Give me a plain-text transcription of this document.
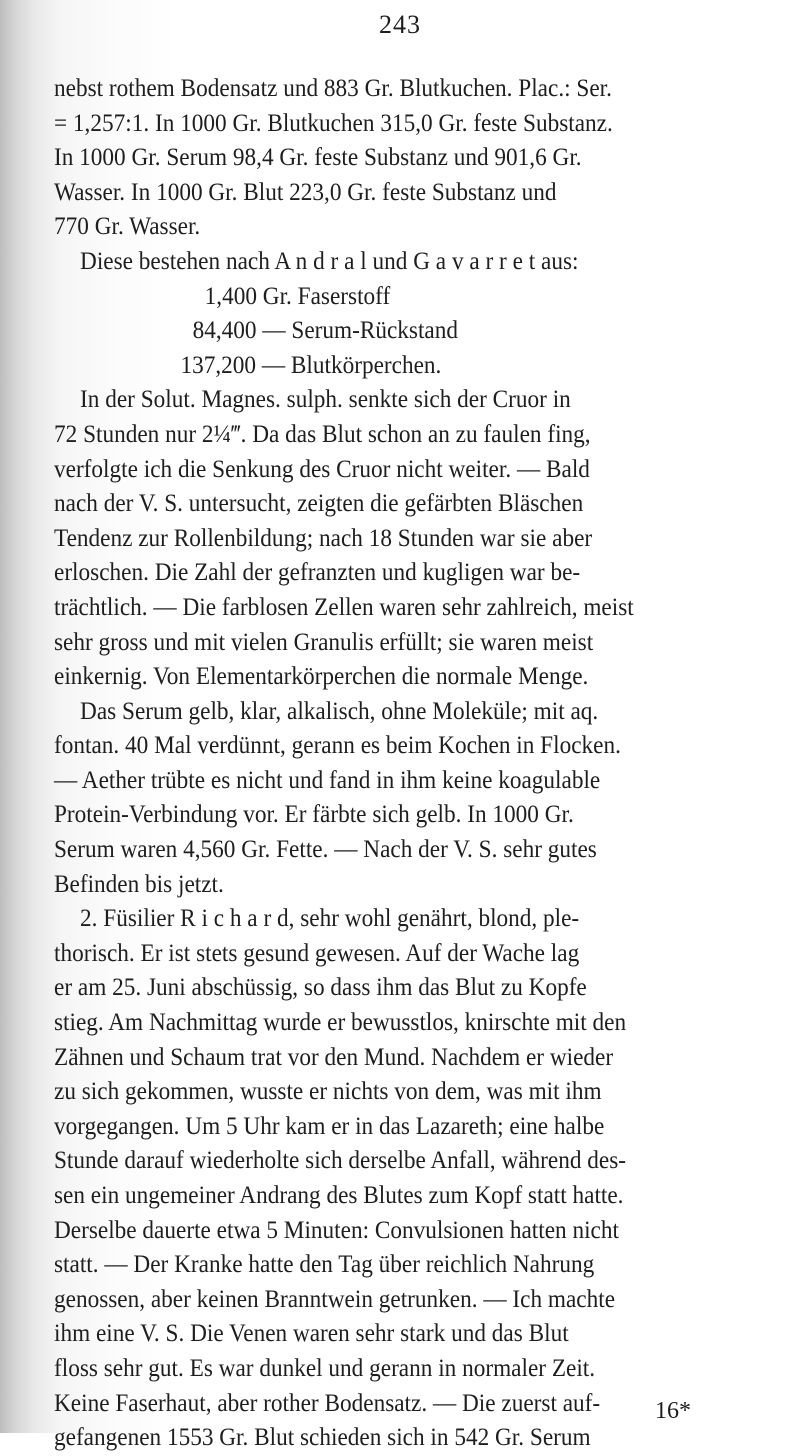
243
nebst rothem Bodensatz und 883 Gr. Blutkuchen. Plac.: Ser.
= 1,257:1. In 1000 Gr. Blutkuchen 315,0 Gr. feste Substanz.
In 1000 Gr. Serum 98,4 Gr. feste Substanz und 901,6 Gr.
Wasser. In 1000 Gr. Blut 223,0 Gr. feste Substanz und
770 Gr. Wasser.
Diese bestehen nach A n d r a l und G a v a r r e t aus:
1,400 Gr. Faserstoff
84,400 — Serum-Rückstand
137,200 — Blutkörperchen.
In der Solut. Magnes. sulph. senkte sich der Cruor in
72 Stunden nur 2¼‴. Da das Blut schon an zu faulen fing,
verfolgte ich die Senkung des Cruor nicht weiter. — Bald
nach der V. S. untersucht, zeigten die gefärbten Bläschen
Tendenz zur Rollenbildung; nach 18 Stunden war sie aber
erloschen. Die Zahl der gefranzten und kugligen war be-
trächtlich. — Die farblosen Zellen waren sehr zahlreich, meist
sehr gross und mit vielen Granulis erfüllt; sie waren meist
einkernig. Von Elementarkörperchen die normale Menge.
Das Serum gelb, klar, alkalisch, ohne Moleküle; mit aq.
fontan. 40 Mal verdünnt, gerann es beim Kochen in Flocken.
— Aether trübte es nicht und fand in ihm keine koagulable
Protein-Verbindung vor. Er färbte sich gelb. In 1000 Gr.
Serum waren 4,560 Gr. Fette. — Nach der V. S. sehr gutes
Befinden bis jetzt.
2. Füsilier R i c h a r d, sehr wohl genährt, blond, ple-
thorisch. Er ist stets gesund gewesen. Auf der Wache lag
er am 25. Juni abschüssig, so dass ihm das Blut zu Kopfe
stieg. Am Nachmittag wurde er bewusstlos, knirschte mit den
Zähnen und Schaum trat vor den Mund. Nachdem er wieder
zu sich gekommen, wusste er nichts von dem, was mit ihm
vorgegangen. Um 5 Uhr kam er in das Lazareth; eine halbe
Stunde darauf wiederholte sich derselbe Anfall, während des-
sen ein ungemeiner Andrang des Blutes zum Kopf statt hatte.
Derselbe dauerte etwa 5 Minuten: Convulsionen hatten nicht
statt. — Der Kranke hatte den Tag über reichlich Nahrung
genossen, aber keinen Branntwein getrunken. — Ich machte
ihm eine V. S. Die Venen waren sehr stark und das Blut
floss sehr gut. Es war dunkel und gerann in normaler Zeit.
Keine Faserhaut, aber rother Bodensatz. — Die zuerst auf-
gefangenen 1553 Gr. Blut schieden sich in 542 Gr. Serum
16*
